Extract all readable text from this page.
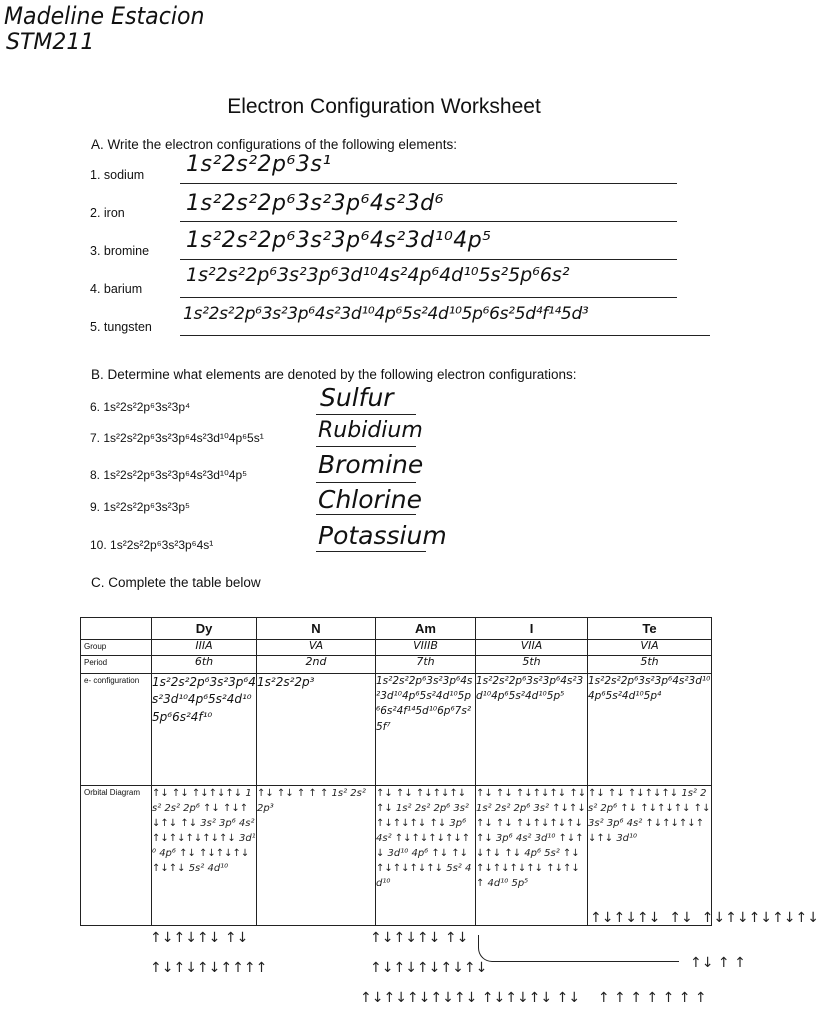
Madeline Estacion
STM211
Electron Configuration Worksheet
A. Write the electron configurations of the following elements:
1. sodium 1s²2s²2p⁶3s¹
2. iron	1s²2s²2p⁶3s²3p⁶4s²3d⁶
3. bromine 1s²2s²2p⁶3s²3p⁶4s²3d¹⁰4p⁵
4. barium
1s²2s²2p⁶3s²3p⁶3d¹⁰4s²4p⁶4d¹⁰5s²5p⁶6s²
5. tungsten
1s²2s²2p⁶3s²3p⁶4s²3d¹⁰4p⁶5s²4d¹⁰5p⁶6s²5d⁴f¹⁴5d³
B. Determine what elements are denoted by the following electron configurations:
6. 1s²2s²2p⁶3s²3p⁴	Sulfur
7. 1s²2s²2p⁶3s²3p⁶4s²3d¹⁰4p⁶5s¹ Rubidium
8. 1s²2s²2p⁶3s²3p⁶4s²3d¹⁰4p⁵	Bromine
9. 1s²2s²2p⁶3s²3p⁵	Chlorine
10. 1s²2s²2p⁶3s²3p⁶4s¹	Potassium
C. Complete the table below
	Dy	N	Am	I	Te
Group	IIIA	VA	VIIIB	VIIA	VIA
Period	6th	2nd	7th	5th	5th
e- configuration	1s²2s²2p⁶3s²3p⁶4s²3d¹⁰4p⁶5s²4d¹⁰5p⁶6s²4f¹⁰	1s²2s²2p³	1s²2s²2p⁶3s²3p⁶4s²3d¹⁰4p⁶5s²4d¹⁰5p⁶6s²4f¹⁴5d¹⁰6p⁶7s²5f⁷	1s²2s²2p⁶3s²3p⁶4s²3d¹⁰4p⁶5s²4d¹⁰5p⁵	1s²2s²2p⁶3s²3p⁶4s²3d¹⁰4p⁶5s²4d¹⁰5p⁴
Orbital Diagram	↑↓ ↑↓ ↑↓↑↓↑↓ 1s² 2s² 2p⁶ ↑↓ ↑↓↑↓↑↓ ↑↓ 3s² 3p⁶ 4s² ↑↓↑↓↑↓↑↓↑↓ 3d¹⁰ 4p⁶ ↑↓ ↑↓↑↓↑↓↑↓↑↓ 5s² 4d¹⁰	↑↓ ↑↓ ↑ ↑ ↑ 1s² 2s² 2p³	↑↓ ↑↓ ↑↓↑↓↑↓ ↑↓ 1s² 2s² 2p⁶ 3s² ↑↓↑↓↑↓ ↑↓ 3p⁶ 4s² ↑↓↑↓↑↓↑↓↑↓ 3d¹⁰ 4p⁶ ↑↓ ↑↓↑↓↑↓↑↓↑↓ 5s² 4d¹⁰	↑↓ ↑↓ ↑↓↑↓↑↓ ↑↓ 1s² 2s² 2p⁶ 3s² ↑↓↑↓↑↓ ↑↓ ↑↓↑↓↑↓↑↓↑↓ 3p⁶ 4s² 3d¹⁰ ↑↓↑↓↑↓ ↑↓ 4p⁶ 5s² ↑↓↑↓↑↓↑↓↑↓ ↑↓↑↓↑ 4d¹⁰ 5p⁵	↑↓ ↑↓ ↑↓↑↓↑↓ 1s² 2s² 2p⁶ ↑↓ ↑↓↑↓↑↓ ↑↓ 3s² 3p⁶ 4s² ↑↓↑↓↑↓↑↓↑↓ 3d¹⁰
↑↓↑↓↑↓ ↑↓
↑↓↑↓↑↓↑↑↑↑
↑↓↑↓↑↓ ↑↓
↑↓↑↓↑↓↑↓↑↓
↑↓↑↓↑↓↑↓↑↓ ↑↓↑↓↑↓ ↑↓    ↑ ↑ ↑ ↑ ↑ ↑ ↑
↑↓↑↓↑↓  ↑↓  ↑↓↑↓↑↓↑↓↑↓
↑↓ ↑ ↑
